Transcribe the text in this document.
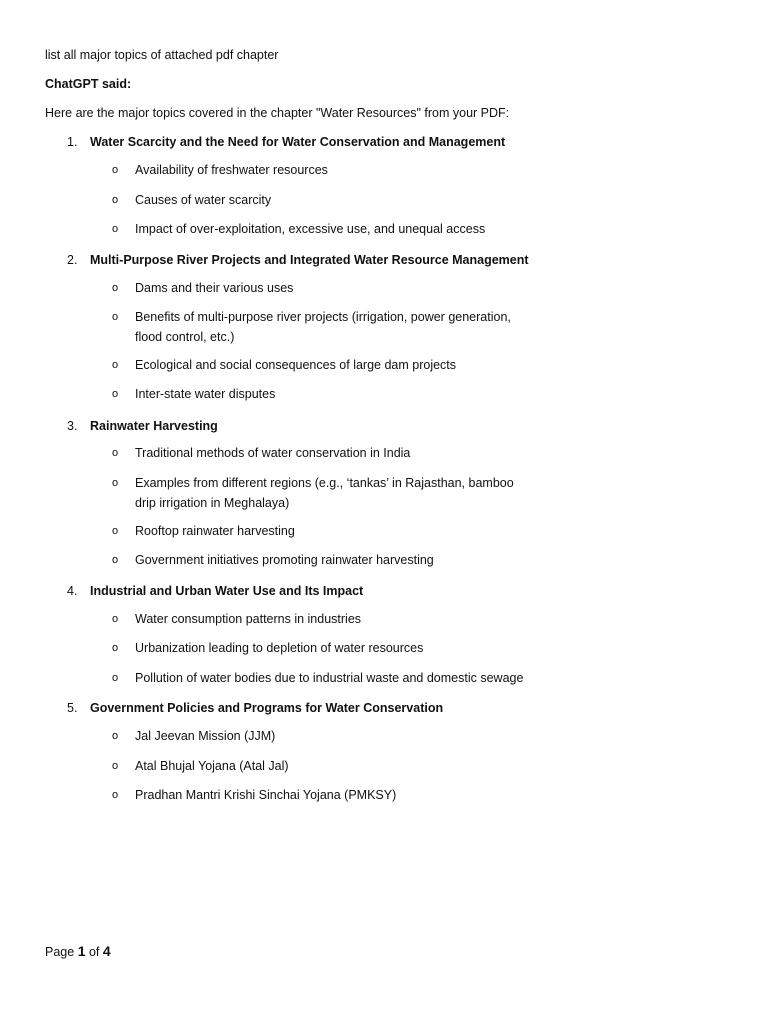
list all major topics of attached pdf chapter
ChatGPT said:
Here are the major topics covered in the chapter "Water Resources" from your PDF:
1. Water Scarcity and the Need for Water Conservation and Management
o Availability of freshwater resources
o Causes of water scarcity
o Impact of over-exploitation, excessive use, and unequal access
2. Multi-Purpose River Projects and Integrated Water Resource Management
o Dams and their various uses
o Benefits of multi-purpose river projects (irrigation, power generation, flood control, etc.)
o Ecological and social consequences of large dam projects
o Inter-state water disputes
3. Rainwater Harvesting
o Traditional methods of water conservation in India
o Examples from different regions (e.g., ‘tankas’ in Rajasthan, bamboo drip irrigation in Meghalaya)
o Rooftop rainwater harvesting
o Government initiatives promoting rainwater harvesting
4. Industrial and Urban Water Use and Its Impact
o Water consumption patterns in industries
o Urbanization leading to depletion of water resources
o Pollution of water bodies due to industrial waste and domestic sewage
5. Government Policies and Programs for Water Conservation
o Jal Jeevan Mission (JJM)
o Atal Bhujal Yojana (Atal Jal)
o Pradhan Mantri Krishi Sinchai Yojana (PMKSY)
Page 1 of 4
